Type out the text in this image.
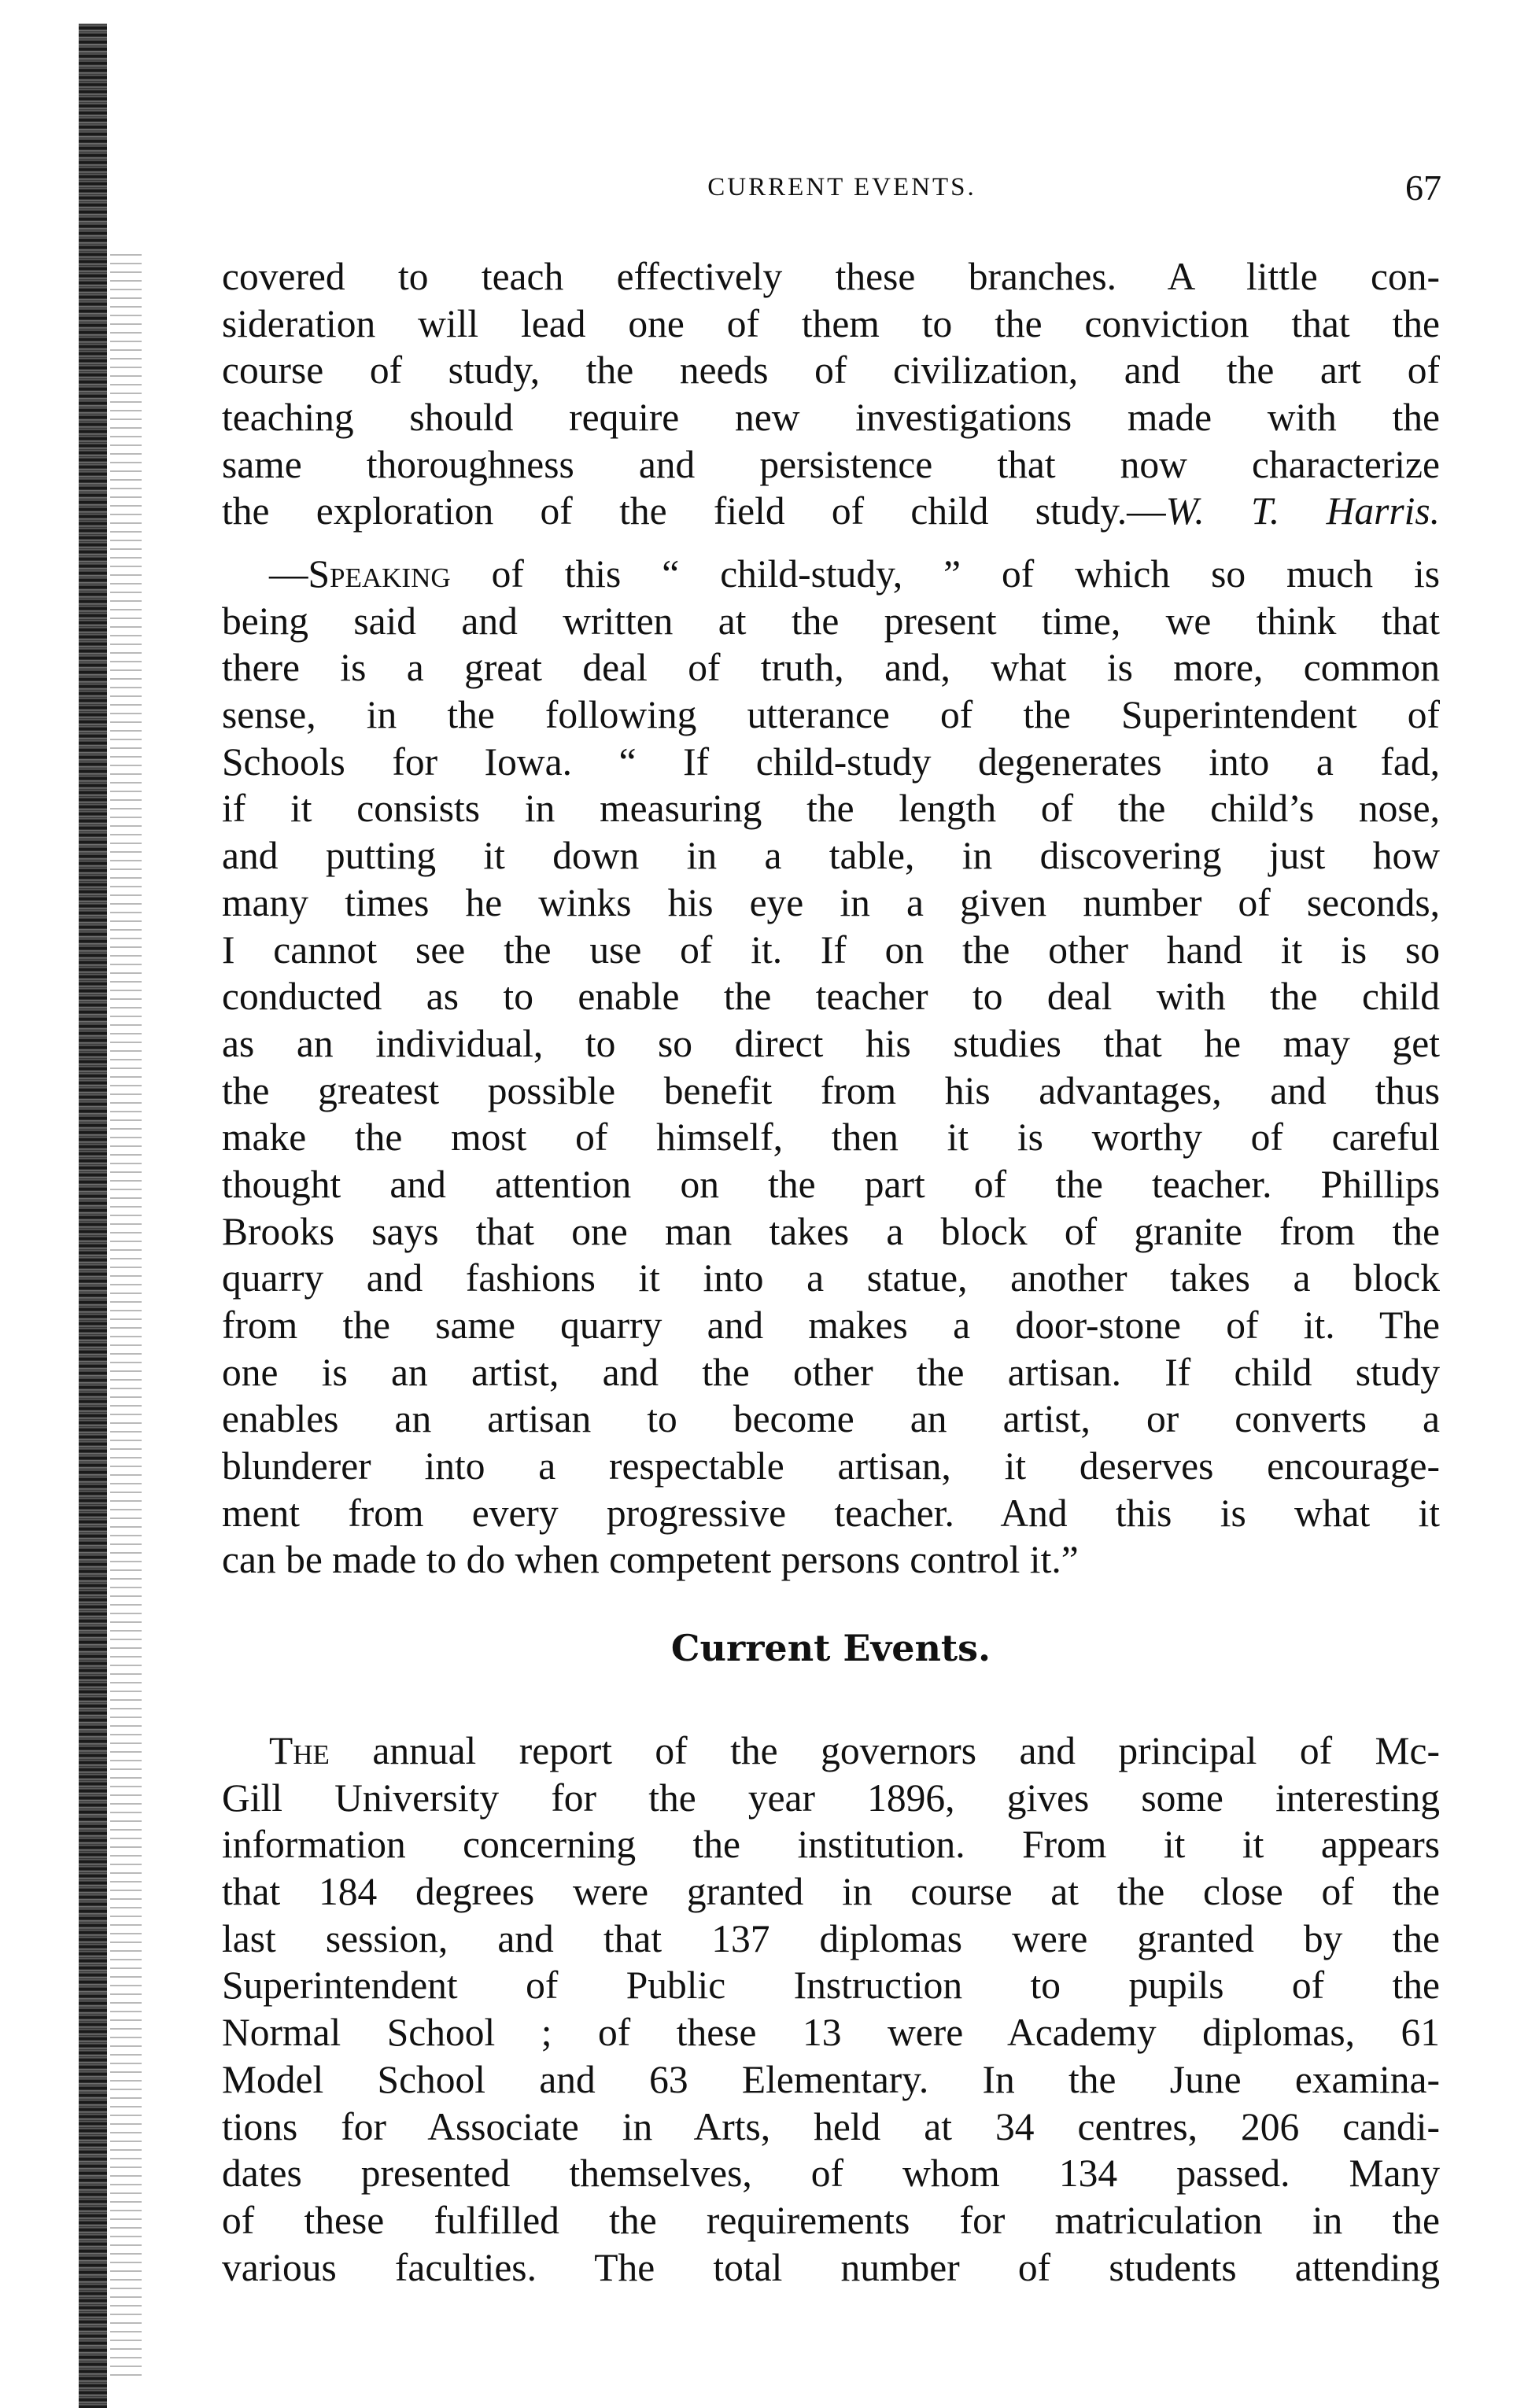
CURRENT EVENTS.	67
covered to teach effectively these branches. A little con-
sideration will lead one of them to the conviction that the
course of study, the needs of civilization, and the art of
teaching should require new investigations made with the
same thoroughness and persistence that now characterize
the exploration of the field of child study.—W. T. Harris.
—Speaking of this “ child-study, ” of which so much is
being said and written at the present time, we think that
there is a great deal of truth, and, what is more, common
sense, in the following utterance of the Superintendent of
Schools for Iowa. “ If child-study degenerates into a fad,
if it consists in measuring the length of the child’s nose,
and putting it down in a table, in discovering just how
many times he winks his eye in a given number of seconds,
I cannot see the use of it. If on the other hand it is so
conducted as to enable the teacher to deal with the child
as an individual, to so direct his studies that he may get
the greatest possible benefit from his advantages, and thus
make the most of himself, then it is worthy of careful
thought and attention on the part of the teacher. Phillips
Brooks says that one man takes a block of granite from the
quarry and fashions it into a statue, another takes a block
from the same quarry and makes a door-stone of it. The
one is an artist, and the other the artisan. If child study
enables an artisan to become an artist, or converts a
blunderer into a respectable artisan, it deserves encourage-
ment from every progressive teacher. And this is what it
can be made to do when competent persons control it.”
Current Events.
The annual report of the governors and principal of Mc-
Gill University for the year 1896, gives some interesting
information concerning the institution. From it it appears
that 184 degrees were granted in course at the close of the
last session, and that 137 diplomas were granted by the
Superintendent of Public Instruction to pupils of the
Normal School ; of these 13 were Academy diplomas, 61
Model School and 63 Elementary. In the June examina-
tions for Associate in Arts, held at 34 centres, 206 candi-
dates presented themselves, of whom 134 passed. Many
of these fulfilled the requirements for matriculation in the
various faculties. The total number of students attending
